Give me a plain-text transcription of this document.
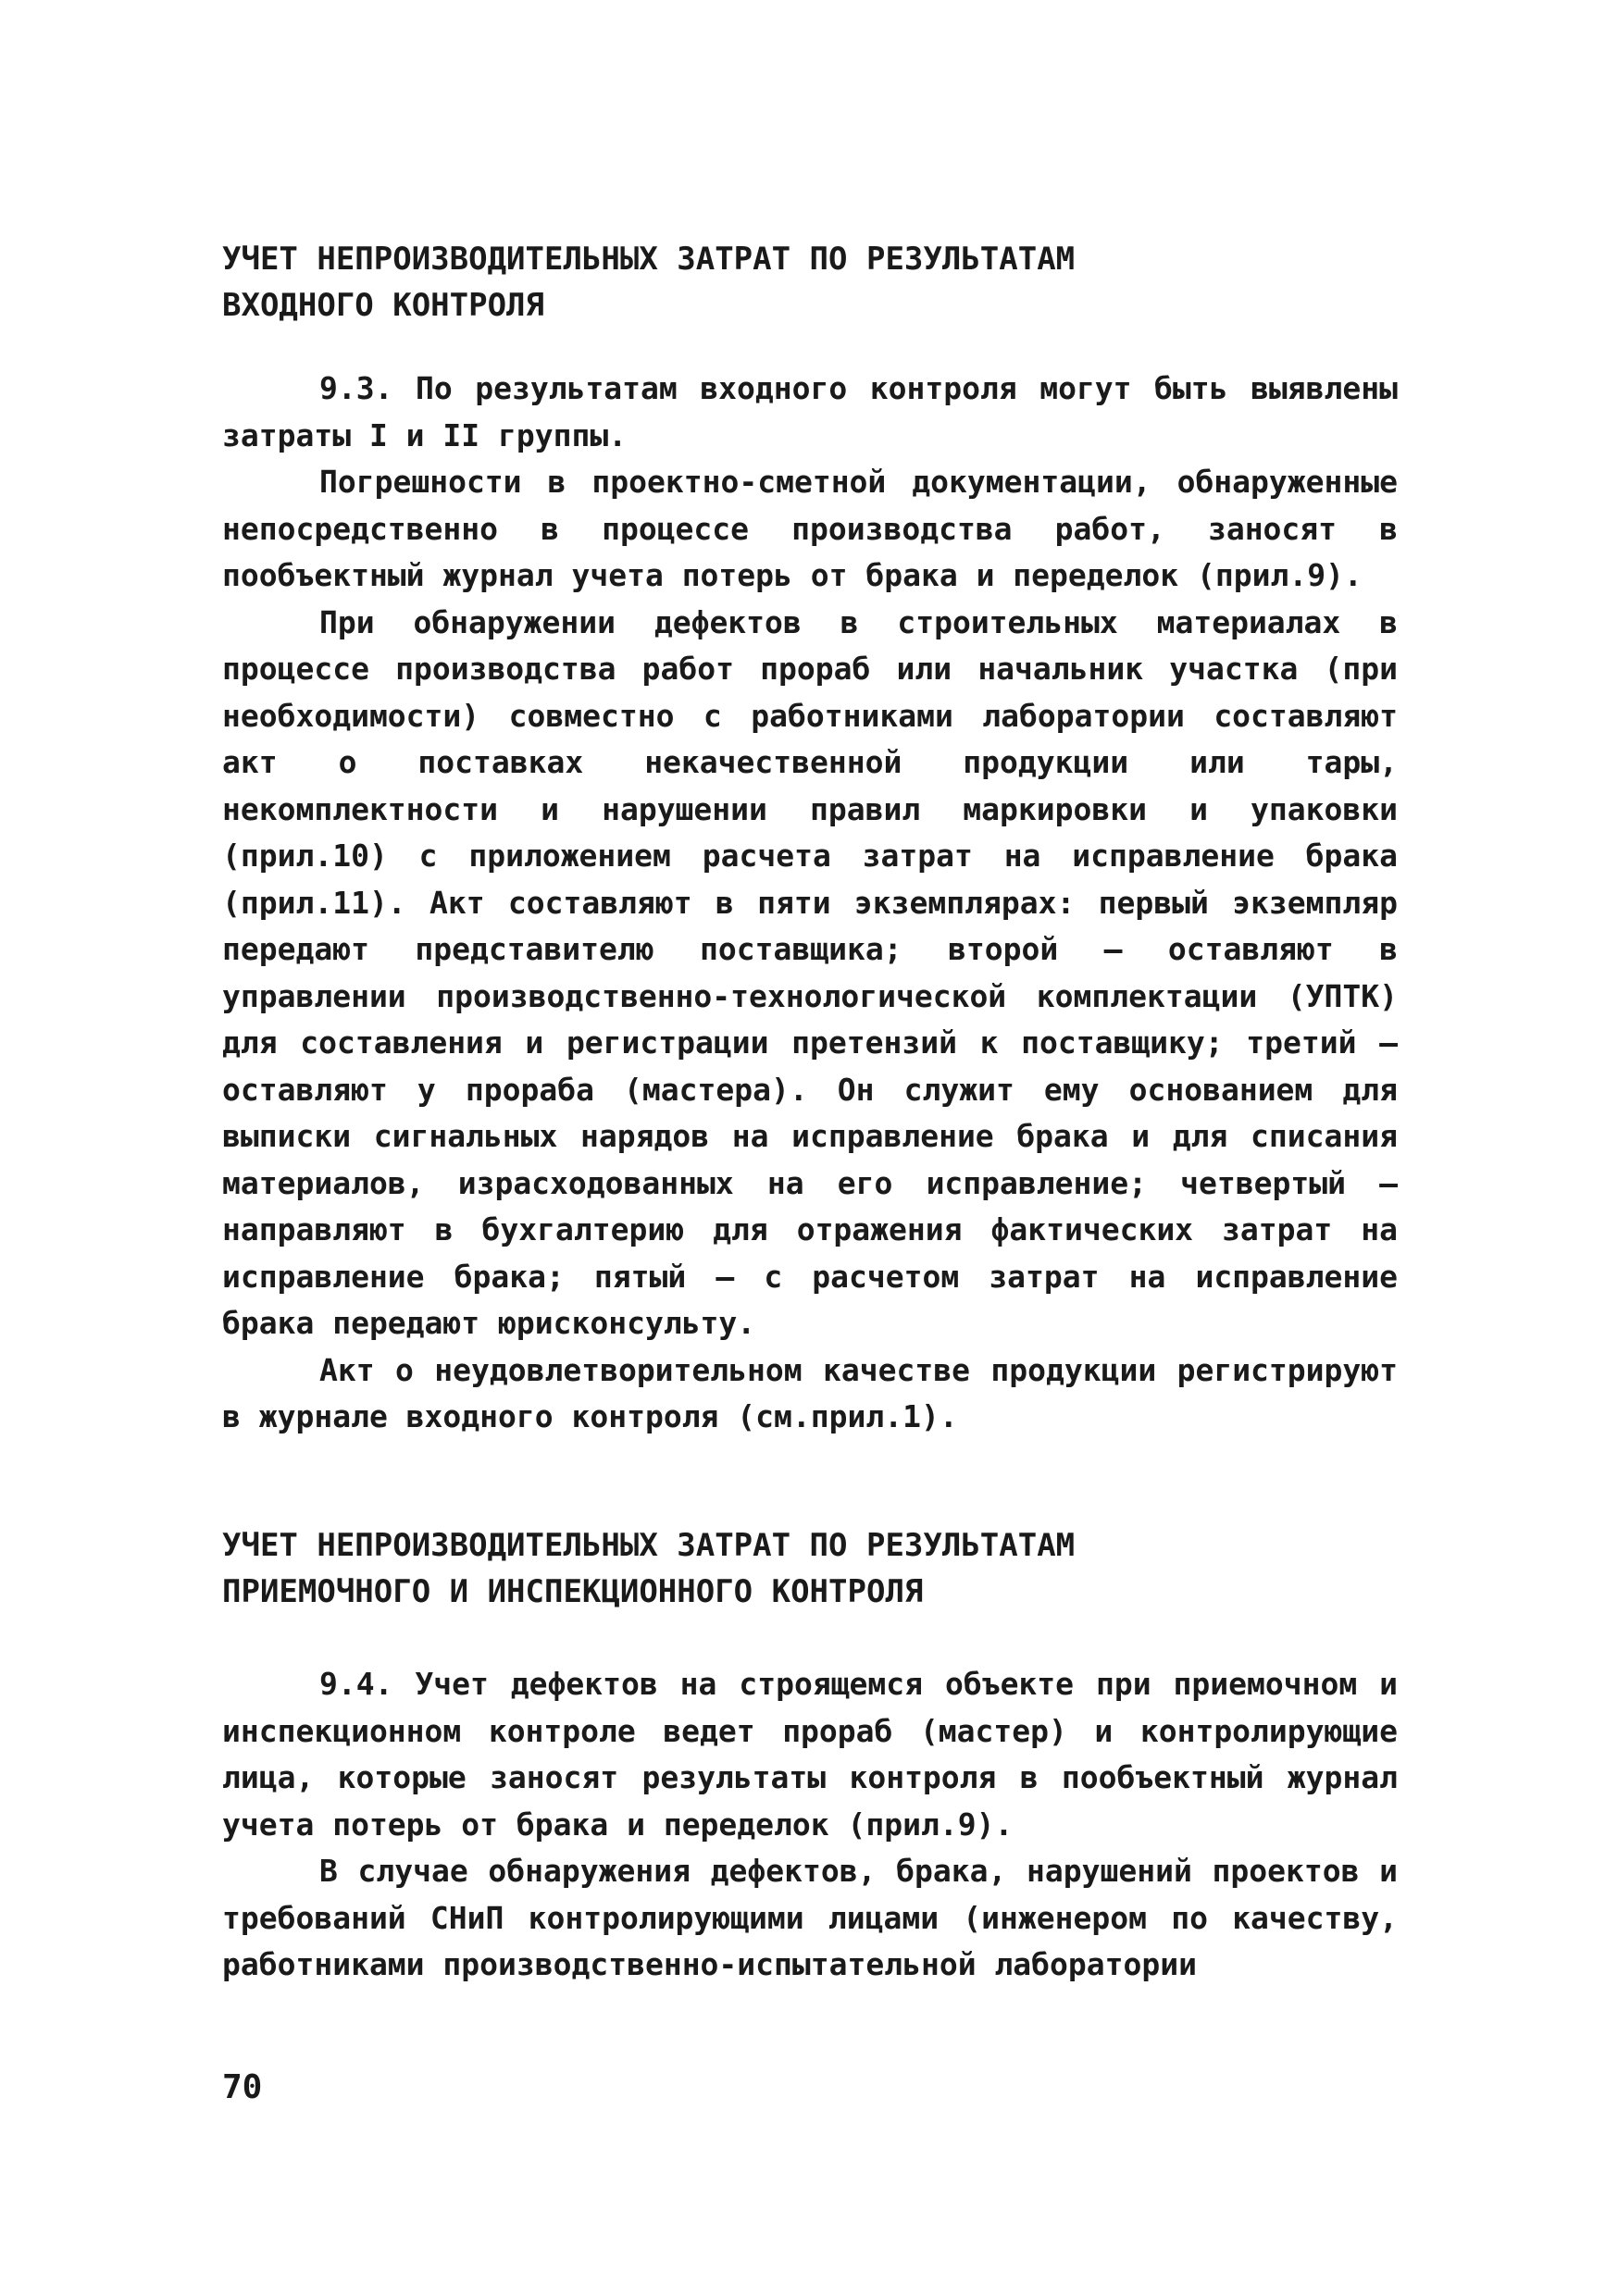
УЧЕТ НЕПРОИЗВОДИТЕЛЬНЫХ ЗАТРАТ ПО РЕЗУЛЬТАТАМ
ВХОДНОГО КОНТРОЛЯ

9.3. По результатам входного контроля могут быть выявлены затраты I и II группы.

Погрешности в проектно-сметной документации, обнаруженные непосредственно в процессе производства работ, заносят в пообъектный журнал учета потерь от брака и переделок (прил.9).

При обнаружении дефектов в строительных материалах в процессе производства работ прораб или начальник участка (при необходимости) совместно с работниками лаборатории составляют акт о поставках некачественной продукции или тары, некомплектности и нарушении правил маркировки и упаковки (прил.10) с приложением расчета затрат на исправление брака (прил.11). Акт составляют в пяти экземплярах: первый экземпляр передают представителю поставщика; второй – оставляют в управлении производственно-технологической комплектации (УПТК) для составления и регистрации претензий к поставщику; третий – оставляют у прораба (мастера). Он служит ему основанием для выписки сигнальных нарядов на исправление брака и для списания материалов, израсходованных на его исправление; четвертый – направляют в бухгалтерию для отражения фактических затрат на исправление брака; пятый – с расчетом затрат на исправление брака передают юрисконсульту.

Акт о неудовлетворительном качестве продукции регистрируют в журнале входного контроля (см.прил.1).

УЧЕТ НЕПРОИЗВОДИТЕЛЬНЫХ ЗАТРАТ ПО РЕЗУЛЬТАТАМ
ПРИЕМОЧНОГО И ИНСПЕКЦИОННОГО КОНТРОЛЯ

9.4. Учет дефектов на строящемся объекте при приемочном и инспекционном контроле ведет прораб (мастер) и контролирующие лица, которые заносят результаты контроля в пообъектный журнал учета потерь от брака и переделок (прил.9).

В случае обнаружения дефектов, брака, нарушений проектов и требований СНиП контролирующими лицами (инженером по качеству, работниками производственно-испытательной лаборатории

70
